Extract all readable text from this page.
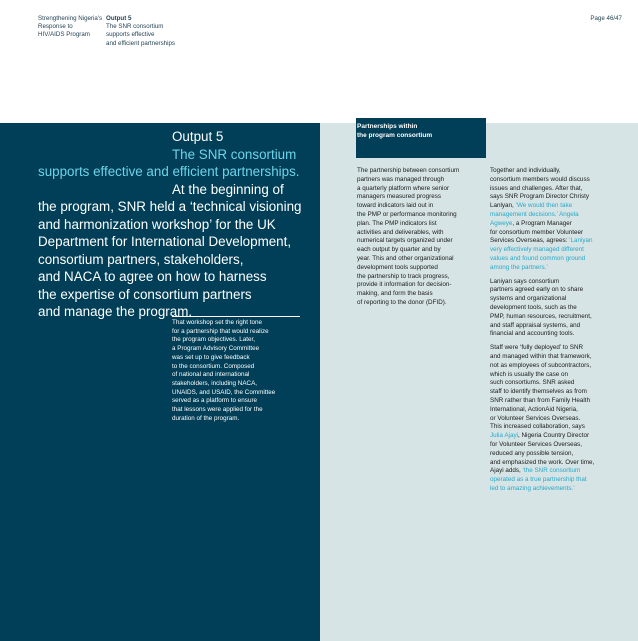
Strengthening Nigeria's
Response to
HIV/AIDS Program
Output 5
The SNR consortium
supports effective
and efficient partnerships
Page 46/47
Output 5
The SNR consortium
supports effective and efficient partnerships.
At the beginning of
the program, SNR held a ‘technical visioning
and harmonization workshop’ for the UK
Department for International Development,
consortium partners, stakeholders,
and NACA to agree on how to harness
the expertise of consortium partners
and manage the program.
That workshop set the right tone
for a partnership that would realize
the program objectives. Later,
a Program Advisory Committee
was set up to give feedback
to the consortium. Composed
of national and international
stakeholders, including NACA,
UNAIDS, and USAID, the Committee
served as a platform to ensure
that lessons were applied for the
duration of the program.
Partnerships within
the program consortium
The partnership between consortium
partners was managed through
a quarterly platform where senior
managers measured progress
toward indicators laid out in
the PMP or performance monitoring
plan. The PMP indicators list
activities and deliverables, with
numerical targets organized under
each output by quarter and by
year. This and other organizational
development tools supported
the partnership to track progress,
provide it information for decision-
making, and form the basis
of reporting to the donor (DFID).
Together and individually,
consortium members would discuss
issues and challenges. After that,
says SNR Program Director Christy
Lanlyan, ‘We would then take
management decisions.’ Angela
Agweye, a Program Manager
for consortium member Volunteer
Services Overseas, agrees: ‘Laniyan
very effectively managed different
values and found common ground
among the partners.’
Laniyan says consortium
partners agreed early on to share
systems and organizational
development tools, such as the
PMP, human resources, recruitment,
and staff appraisal systems, and
financial and accounting tools.
Staff were ‘fully deployed’ to SNR
and managed within that framework,
not as employees of subcontractors,
which is usually the case on
such consortiums. SNR asked
staff to identify themselves as from
SNR rather than from Family Health
International, ActionAid Nigeria,
or Volunteer Services Overseas.
This increased collaboration, says
Julia Ajayi, Nigeria Country Director
for Volunteer Services Overseas,
reduced any possible tension,
and emphasized the work. Over time,
Ajayi adds, ‘the SNR consortium
operated as a true partnership that
led to amazing achievements.’
